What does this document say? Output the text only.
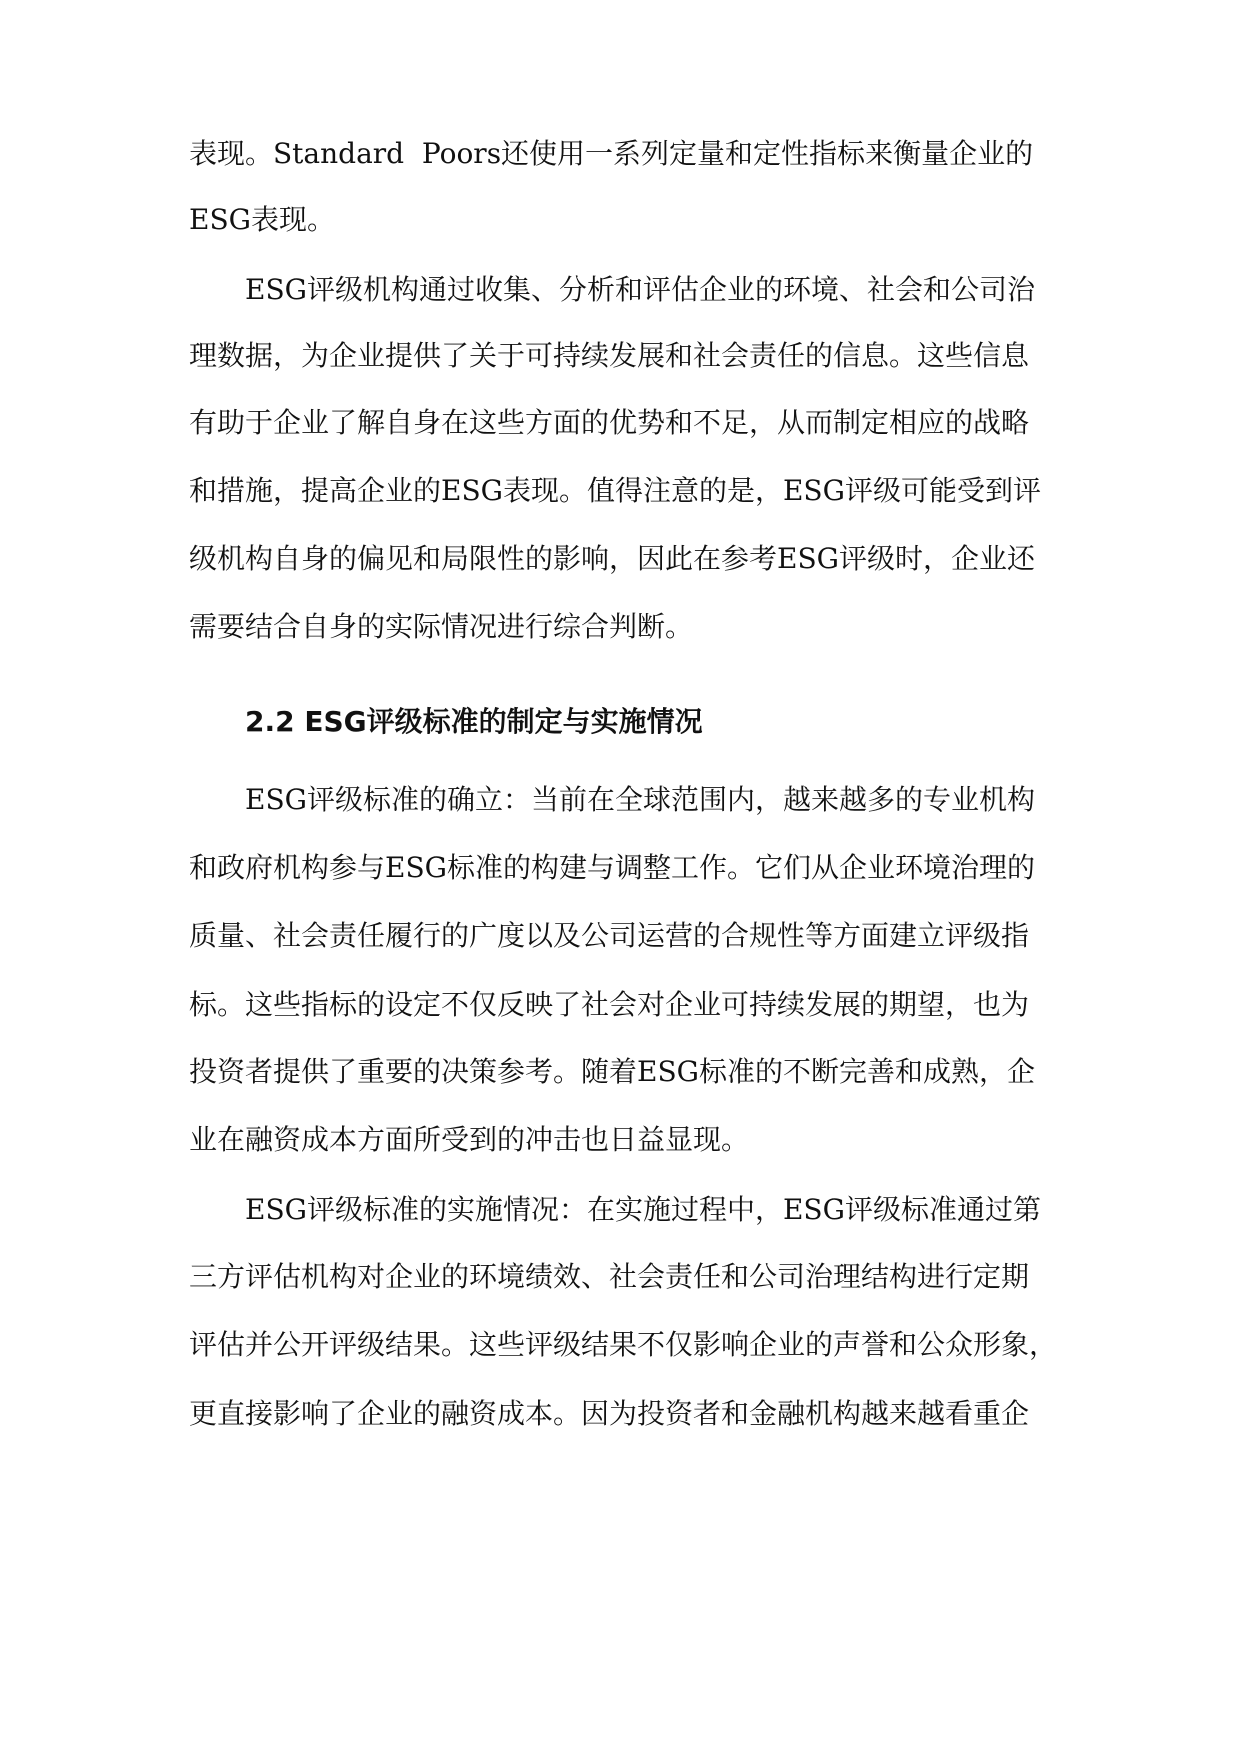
表现。Standard  Poors还使用一系列定量和定性指标来衡量企业的
ESG表现。
ESG评级机构通过收集、分析和评估企业的环境、社会和公司治
理数据，为企业提供了关于可持续发展和社会责任的信息。这些信息
有助于企业了解自身在这些方面的优势和不足，从而制定相应的战略
和措施，提高企业的ESG表现。值得注意的是，ESG评级可能受到评
级机构自身的偏见和局限性的影响，因此在参考ESG评级时，企业还
需要结合自身的实际情况进行综合判断。
2.2 ESG评级标准的制定与实施情况
ESG评级标准的确立：当前在全球范围内，越来越多的专业机构
和政府机构参与ESG标准的构建与调整工作。它们从企业环境治理的
质量、社会责任履行的广度以及公司运营的合规性等方面建立评级指
标。这些指标的设定不仅反映了社会对企业可持续发展的期望，也为
投资者提供了重要的决策参考。随着ESG标准的不断完善和成熟，企
业在融资成本方面所受到的冲击也日益显现。
ESG评级标准的实施情况：在实施过程中，ESG评级标准通过第
三方评估机构对企业的环境绩效、社会责任和公司治理结构进行定期
评估并公开评级结果。这些评级结果不仅影响企业的声誉和公众形象，
更直接影响了企业的融资成本。因为投资者和金融机构越来越看重企
